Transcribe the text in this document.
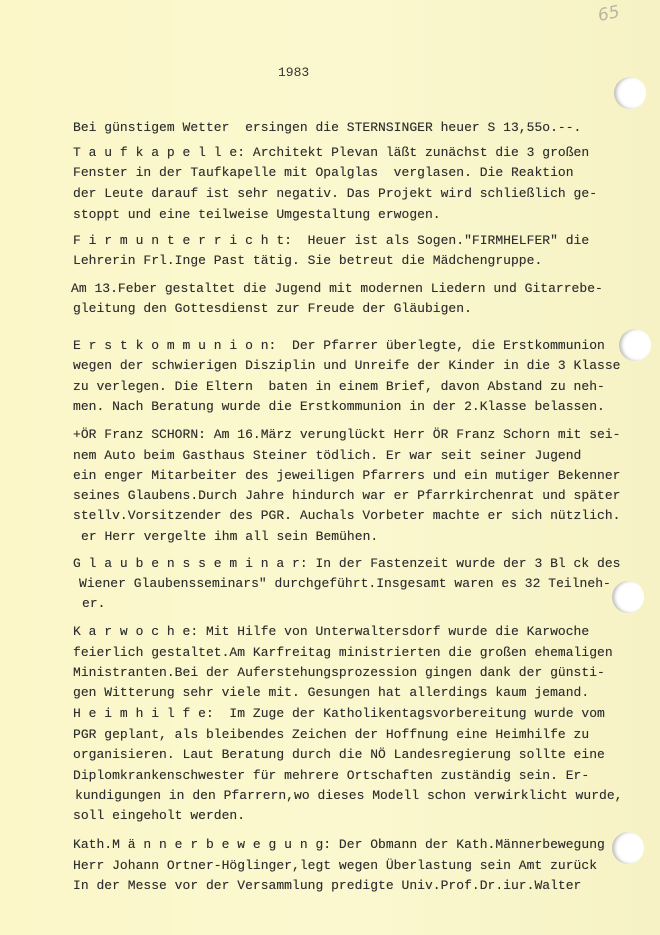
65
1983
Bei günstigem Wetter  ersingen die STERNSINGER heuer S 13,55o.--.
T a u f k a p e l l e: Architekt Plevan läßt zunächst die 3 großen
Fenster in der Taufkapelle mit Opalglas  verglasen. Die Reaktion
der Leute darauf ist sehr negativ. Das Projekt wird schließlich ge-
stoppt und eine teilweise Umgestaltung erwogen.
F i r m u n t e r r i c h t:  Heuer ist als Sogen."FIRMHELFER" die
Lehrerin Frl.Inge Past tätig. Sie betreut die Mädchengruppe.
Am 13.Feber gestaltet die Jugend mit modernen Liedern und Gitarrebe-
gleitung den Gottesdienst zur Freude der Gläubigen.
E r s t k o m m u n i o n:  Der Pfarrer überlegte, die Erstkommunion
wegen der schwierigen Disziplin und Unreife der Kinder in die 3 Klasse
zu verlegen. Die Eltern  baten in einem Brief, davon Abstand zu neh-
men. Nach Beratung wurde die Erstkommunion in der 2.Klasse belassen.
+ÖR Franz SCHORN: Am 16.März verunglückt Herr ÖR Franz Schorn mit sei-
nem Auto beim Gasthaus Steiner tödlich. Er war seit seiner Jugend
ein enger Mitarbeiter des jeweiligen Pfarrers und ein mutiger Bekenner
seines Glaubens.Durch Jahre hindurch war er Pfarrkirchenrat und später
stellv.Vorsitzender des PGR. Auchals Vorbeter machte er sich nützlich.
er Herr vergelte ihm all sein Bemühen.
G l a u b e n s s e m i n a r: In der Fastenzeit wurde der 3 Bl ck des
Wiener Glaubensseminars" durchgeführt.Insgesamt waren es 32 Teilneh-
er.
K a r w o c h e: Mit Hilfe von Unterwaltersdorf wurde die Karwoche
feierlich gestaltet.Am Karfreitag ministrierten die großen ehemaligen
Ministranten.Bei der Auferstehungsprozession gingen dank der günsti-
gen Witterung sehr viele mit. Gesungen hat allerdings kaum jemand.
H e i m h i l f e:  Im Zuge der Katholikentagsvorbereitung wurde vom
PGR geplant, als bleibendes Zeichen der Hoffnung eine Heimhilfe zu
organisieren. Laut Beratung durch die NÖ Landesregierung sollte eine
Diplomkrankenschwester für mehrere Ortschaften zuständig sein. Er-
kundigungen in den Pfarrern,wo dieses Modell schon verwirklicht wurde,
soll eingeholt werden.
Kath.M ä n n e r b e w e g u n g: Der Obmann der Kath.Männerbewegung
Herr Johann Ortner-Höglinger,legt wegen Überlastung sein Amt zurück
In der Messe vor der Versammlung predigte Univ.Prof.Dr.iur.Walter
